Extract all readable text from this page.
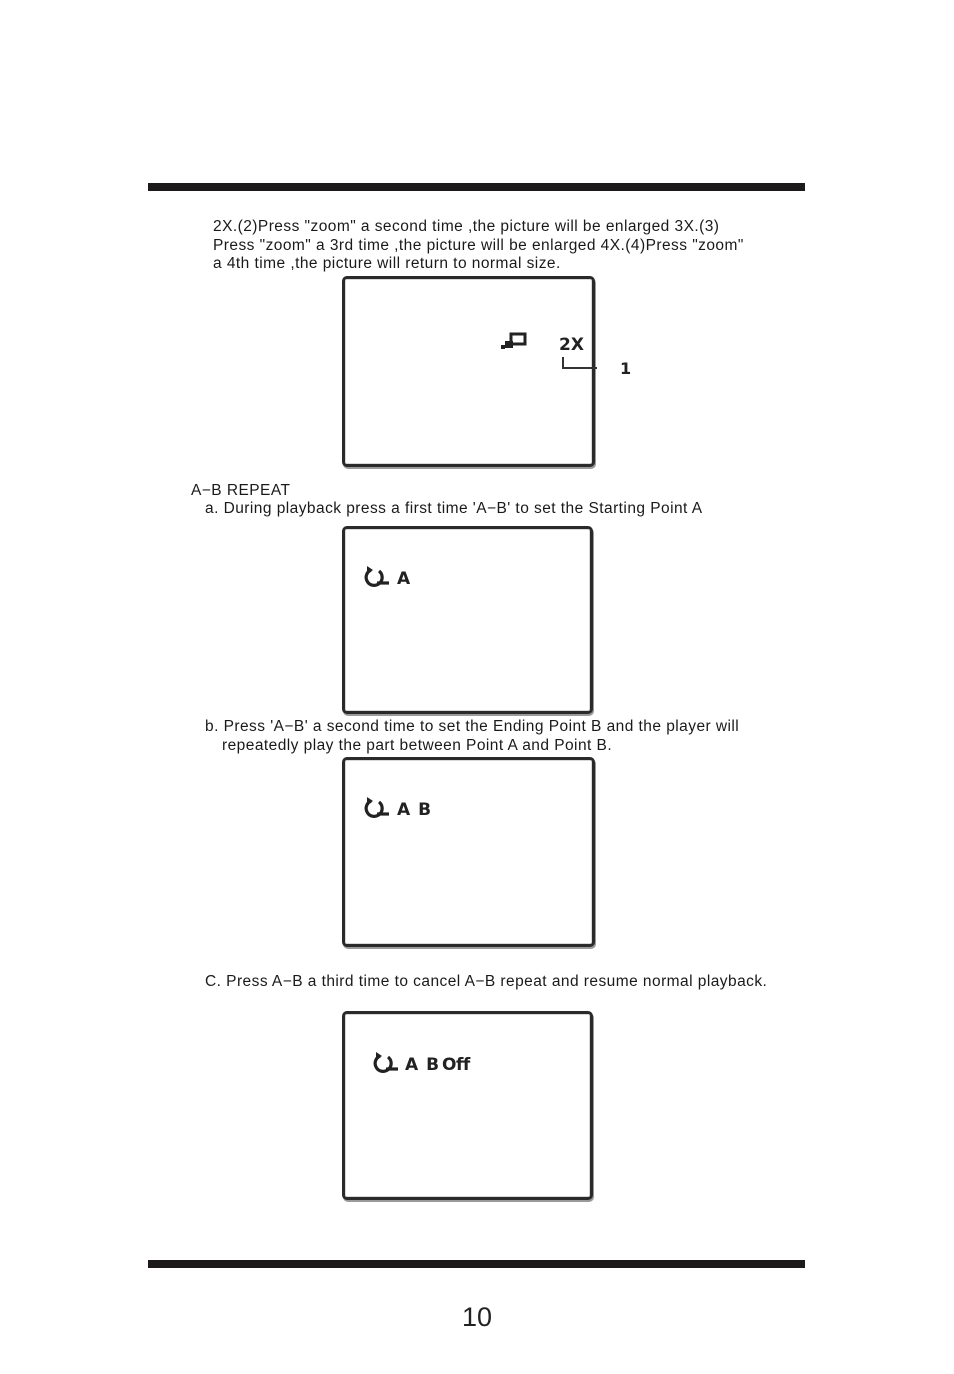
2X.(2)Press "zoom" a second time ,the picture will be enlarged 3X.(3)
Press "zoom" a 3rd time ,the picture will be enlarged 4X.(4)Press "zoom"
a 4th time ,the picture will return to normal size.
2X
1
A−B REPEAT
a. During playback press a first time 'A−B' to set the Starting Point A
A
b. Press 'A−B' a second time to set the Ending Point B and the player will
repeatedly play the part between Point A and Point B.
A B
C. Press A−B a third time to cancel A−B repeat and resume normal playback.
A B Off
10
